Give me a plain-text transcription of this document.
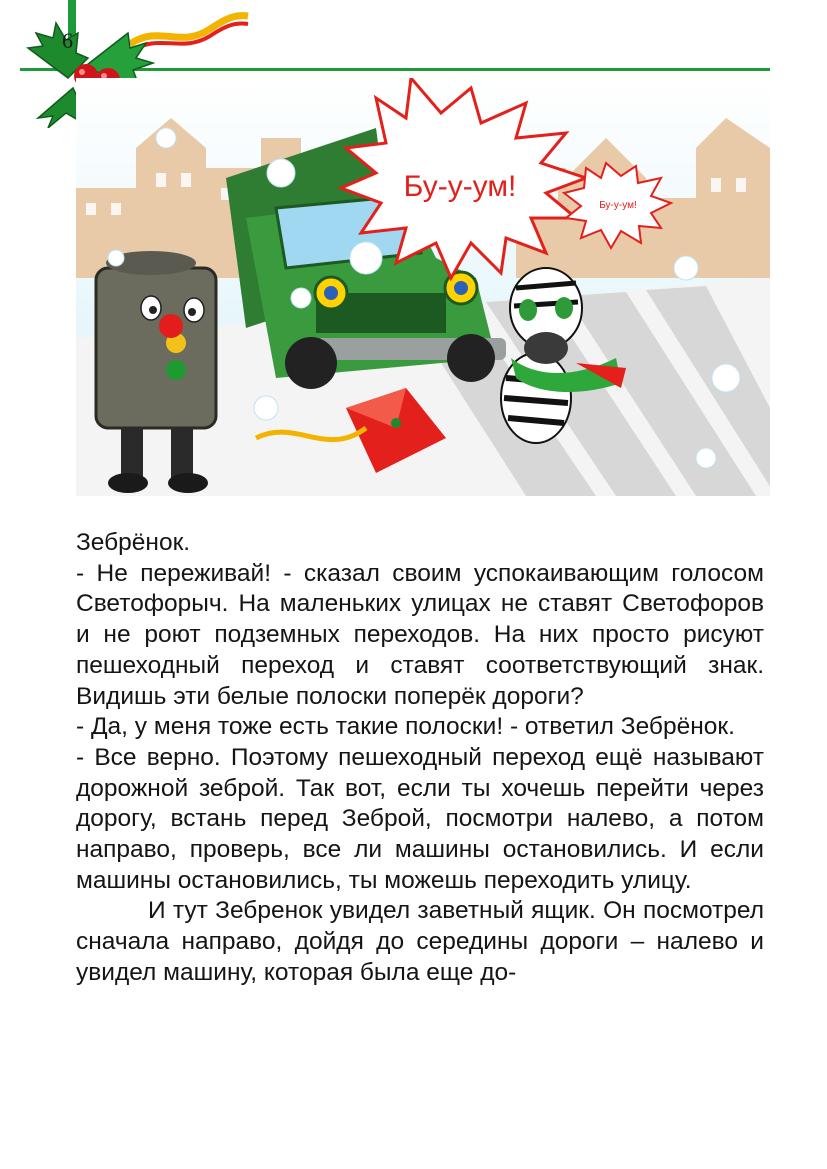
6
Бу-у-ум!
Бу-у-ум!

Зебрёнок.

- Не переживай! - сказал своим успокаивающим голосом Светофорыч. На маленьких улицах не ставят Светофоров и не роют подземных переходов. На них просто рисуют пешеходный переход и ставят соответствующий знак. Видишь эти белые полоски поперёк дороги?

- Да, у меня тоже есть такие полоски! - ответил Зебрёнок.

- Все верно. Поэтому пешеходный переход ещё называют дорожной зеброй. Так вот, если ты хочешь перейти через дорогу, встань перед Зеброй, посмотри налево, а потом направо, проверь, все ли машины остановились. И если машины остановились, ты можешь переходить улицу.

И тут Зебренок увидел заветный ящик. Он посмотрел сначала направо, дойдя до середины дороги – налево и увидел машину, которая была еще до-
